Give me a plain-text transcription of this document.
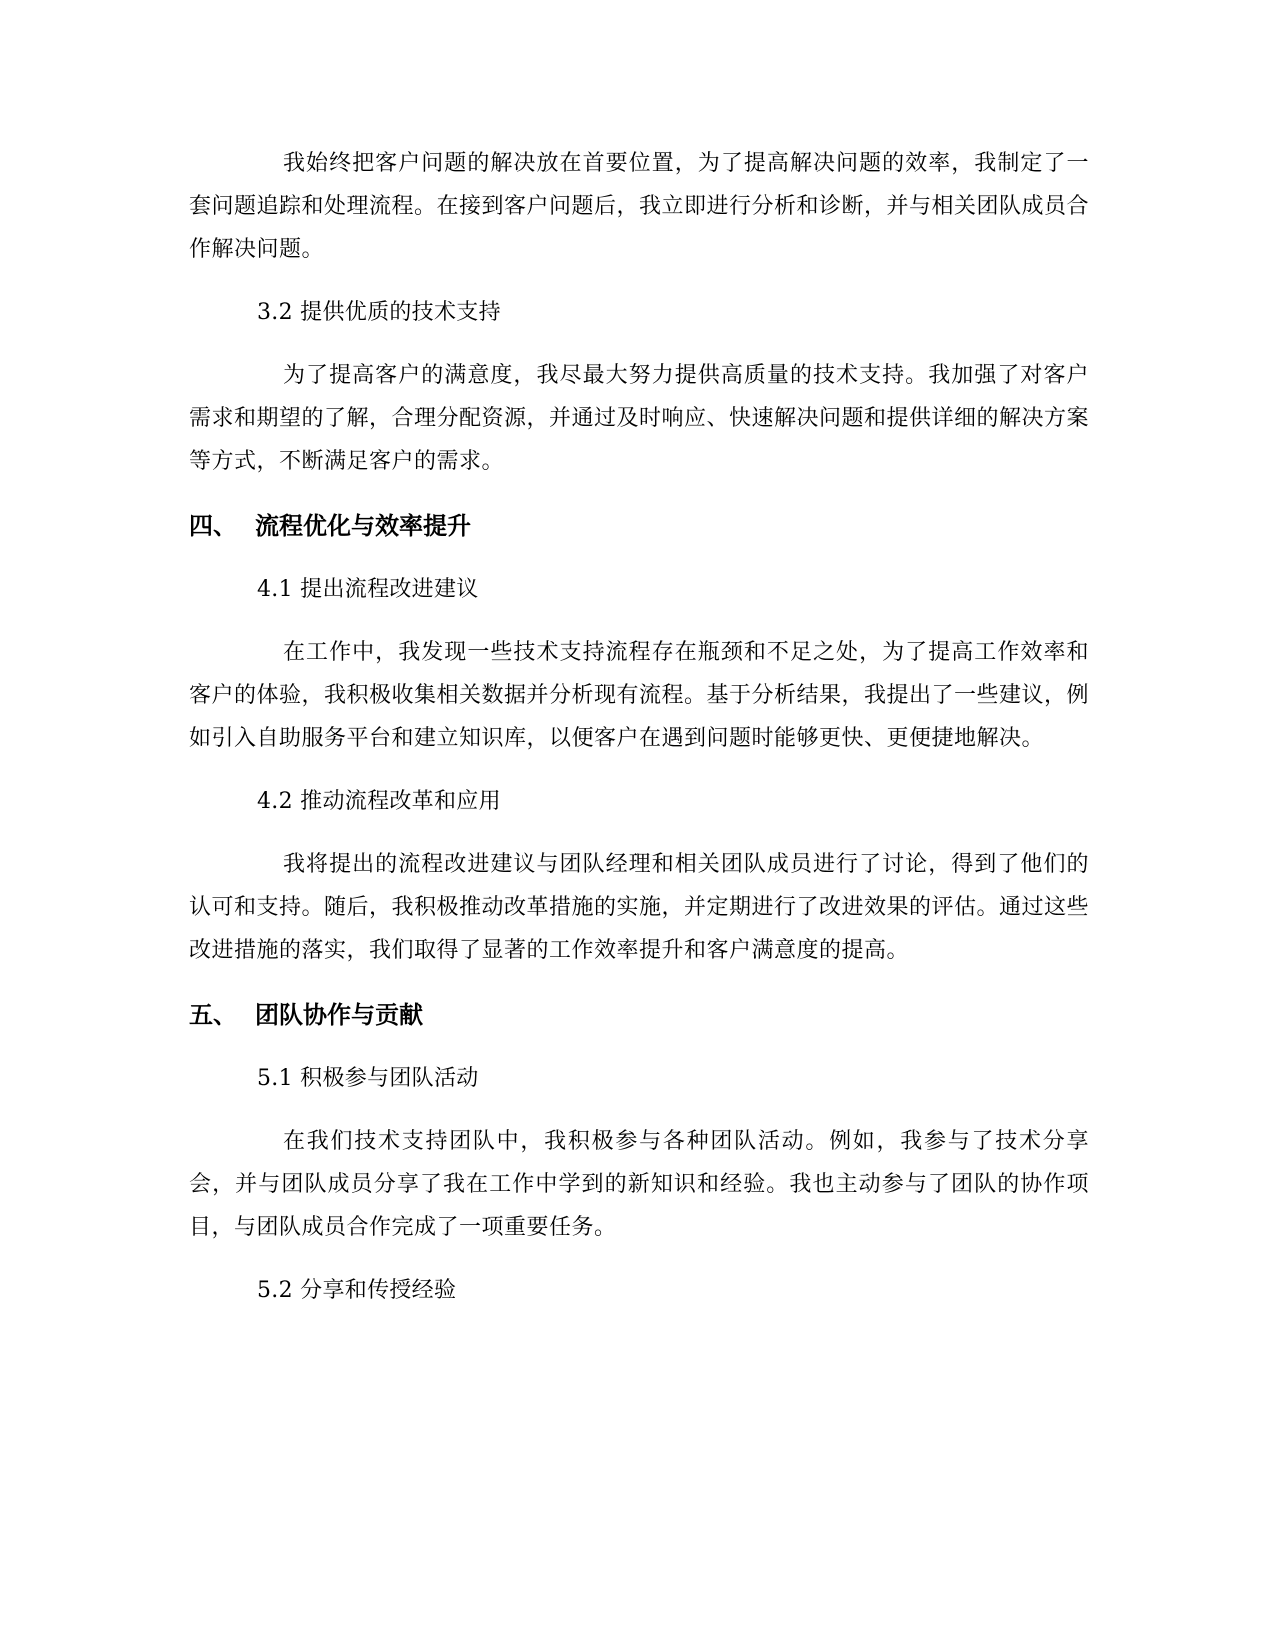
我始终把客户问题的解决放在首要位置，为了提高解决问题的效率，我制定了一套问题追踪和处理流程。在接到客户问题后，我立即进行分析和诊断，并与相关团队成员合作解决问题。

3.2 提供优质的技术支持

为了提高客户的满意度，我尽最大努力提供高质量的技术支持。我加强了对客户需求和期望的了解，合理分配资源，并通过及时响应、快速解决问题和提供详细的解决方案等方式，不断满足客户的需求。

四、 流程优化与效率提升

4.1 提出流程改进建议

在工作中，我发现一些技术支持流程存在瓶颈和不足之处，为了提高工作效率和客户的体验，我积极收集相关数据并分析现有流程。基于分析结果，我提出了一些建议，例如引入自助服务平台和建立知识库，以便客户在遇到问题时能够更快、更便捷地解决。

4.2 推动流程改革和应用

我将提出的流程改进建议与团队经理和相关团队成员进行了讨论，得到了他们的认可和支持。随后，我积极推动改革措施的实施，并定期进行了改进效果的评估。通过这些改进措施的落实，我们取得了显著的工作效率提升和客户满意度的提高。

五、 团队协作与贡献

5.1 积极参与团队活动

在我们技术支持团队中，我积极参与各种团队活动。例如，我参与了技术分享会，并与团队成员分享了我在工作中学到的新知识和经验。我也主动参与了团队的协作项目，与团队成员合作完成了一项重要任务。

5.2 分享和传授经验
